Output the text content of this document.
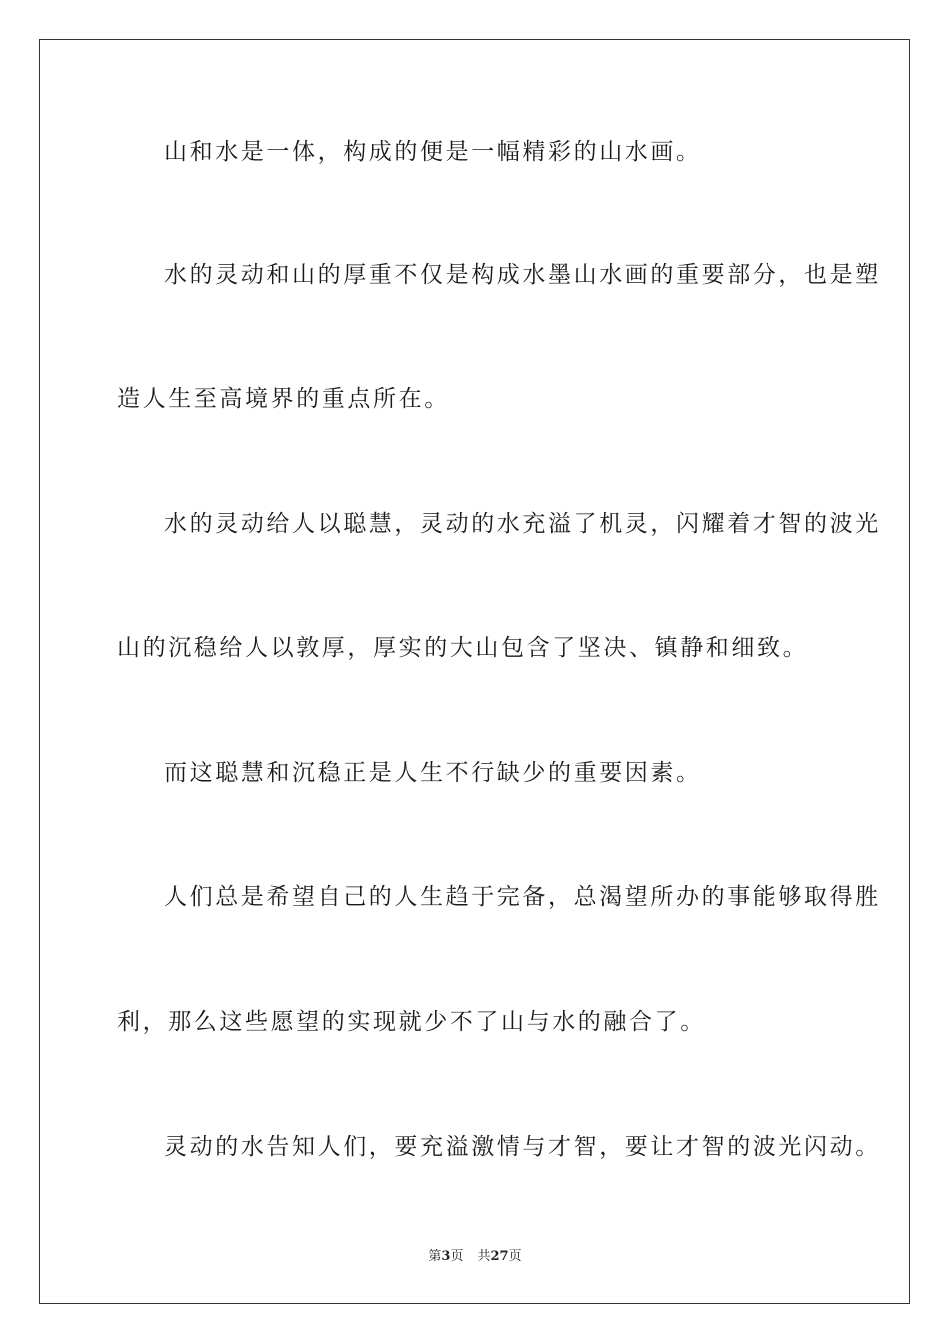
山和水是一体，构成的便是一幅精彩的山水画。
水的灵动和山的厚重不仅是构成水墨山水画的重要部分，也是塑
造人生至高境界的重点所在。
水的灵动给人以聪慧，灵动的水充溢了机灵，闪耀着才智的波光
山的沉稳给人以敦厚，厚实的大山包含了坚决、镇静和细致。
而这聪慧和沉稳正是人生不行缺少的重要因素。
人们总是希望自己的人生趋于完备，总渴望所办的事能够取得胜
利，那么这些愿望的实现就少不了山与水的融合了。
灵动的水告知人们，要充溢激情与才智，要让才智的波光闪动。
第3页 共27页
